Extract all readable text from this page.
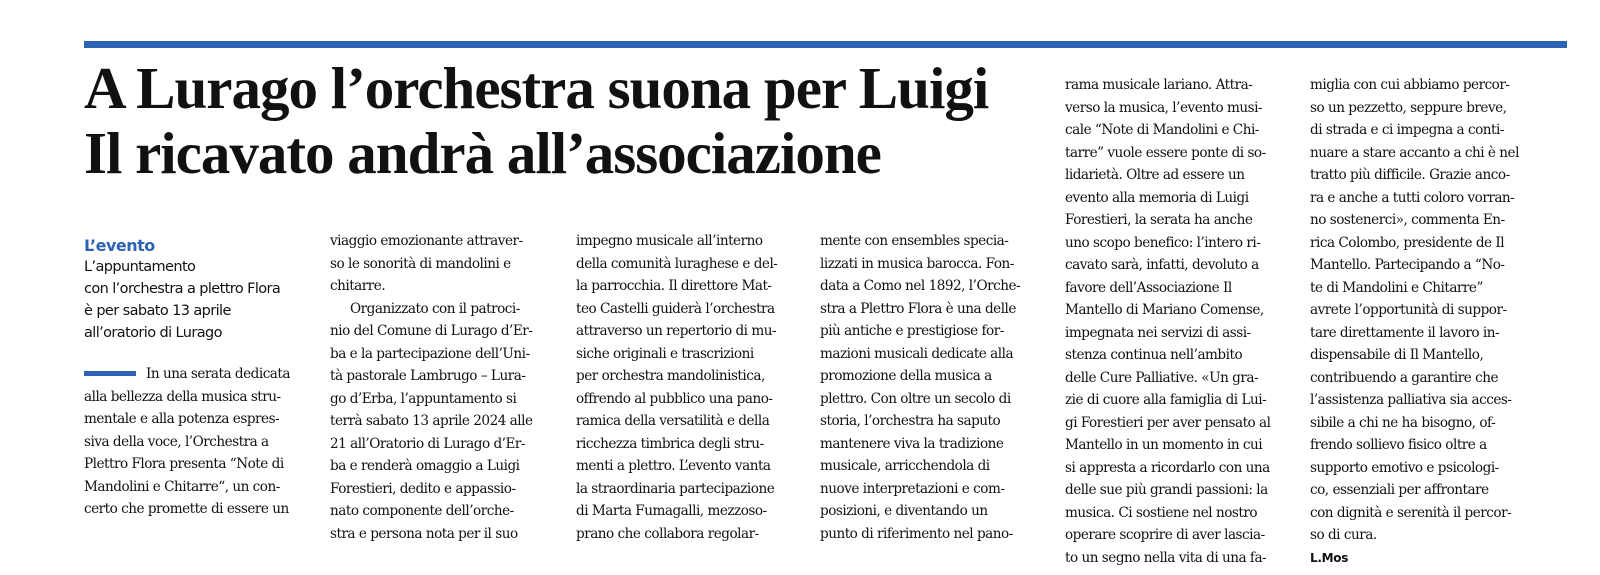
A Lurago l’orchestra suona per Luigi
Il ricavato andrà all’associazione
L’evento
L’appuntamento
con l’orchestra a plettro Flora
è per sabato 13 aprile
all’oratorio di Lurago
In una serata dedicata
alla bellezza della musica stru-
mentale e alla potenza espres-
siva della voce, l’Orchestra a
Plettro Flora presenta “Note di
Mandolini e Chitarre“, un con-
certo che promette di essere un
viaggio emozionante attraver-
so le sonorità di mandolini e
chitarre.
Organizzato con il patroci-
nio del Comune di Lurago d’Er-
ba e la partecipazione dell’Uni-
tà pastorale Lambrugo – Lura-
go d’Erba, l’appuntamento si
terrà sabato 13 aprile 2024 alle
21 all’Oratorio di Lurago d’Er-
ba e renderà omaggio a Luigi
Forestieri, dedito e appassio-
nato componente dell’orche-
stra e persona nota per il suo
impegno musicale all’interno
della comunità luraghese e del-
la parrocchia. Il direttore Mat-
teo Castelli guiderà l’orchestra
attraverso un repertorio di mu-
siche originali e trascrizioni
per orchestra mandolinistica,
offrendo al pubblico una pano-
ramica della versatilità e della
ricchezza timbrica degli stru-
menti a plettro. L’evento vanta
la straordinaria partecipazione
di Marta Fumagalli, mezzoso-
prano che collabora regolar-
mente con ensembles specia-
lizzati in musica barocca. Fon-
data a Como nel 1892, l’Orche-
stra a Plettro Flora è una delle
più antiche e prestigiose for-
mazioni musicali dedicate alla
promozione della musica a
plettro. Con oltre un secolo di
storia, l’orchestra ha saputo
mantenere viva la tradizione
musicale, arricchendola di
nuove interpretazioni e com-
posizioni, e diventando un
punto di riferimento nel pano-
rama musicale lariano. Attra-
verso la musica, l’evento musi-
cale “Note di Mandolini e Chi-
tarre” vuole essere ponte di so-
lidarietà. Oltre ad essere un
evento alla memoria di Luigi
Forestieri, la serata ha anche
uno scopo benefico: l’intero ri-
cavato sarà, infatti, devoluto a
favore dell’Associazione Il
Mantello di Mariano Comense,
impegnata nei servizi di assi-
stenza continua nell’ambito
delle Cure Palliative. «Un gra-
zie di cuore alla famiglia di Lui-
gi Forestieri per aver pensato al
Mantello in un momento in cui
si appresta a ricordarlo con una
delle sue più grandi passioni: la
musica. Ci sostiene nel nostro
operare scoprire di aver lascia-
to un segno nella vita di una fa-
miglia con cui abbiamo percor-
so un pezzetto, seppure breve,
di strada e ci impegna a conti-
nuare a stare accanto a chi è nel
tratto più difficile. Grazie anco-
ra e anche a tutti coloro vorran-
no sostenerci», commenta En-
rica Colombo, presidente de Il
Mantello. Partecipando a “No-
te di Mandolini e Chitarre”
avrete l’opportunità di suppor-
tare direttamente il lavoro in-
dispensabile di Il Mantello,
contribuendo a garantire che
l’assistenza palliativa sia acces-
sibile a chi ne ha bisogno, of-
frendo sollievo fisico oltre a
supporto emotivo e psicologi-
co, essenziali per affrontare
con dignità e serenità il percor-
so di cura.
L.Mos
